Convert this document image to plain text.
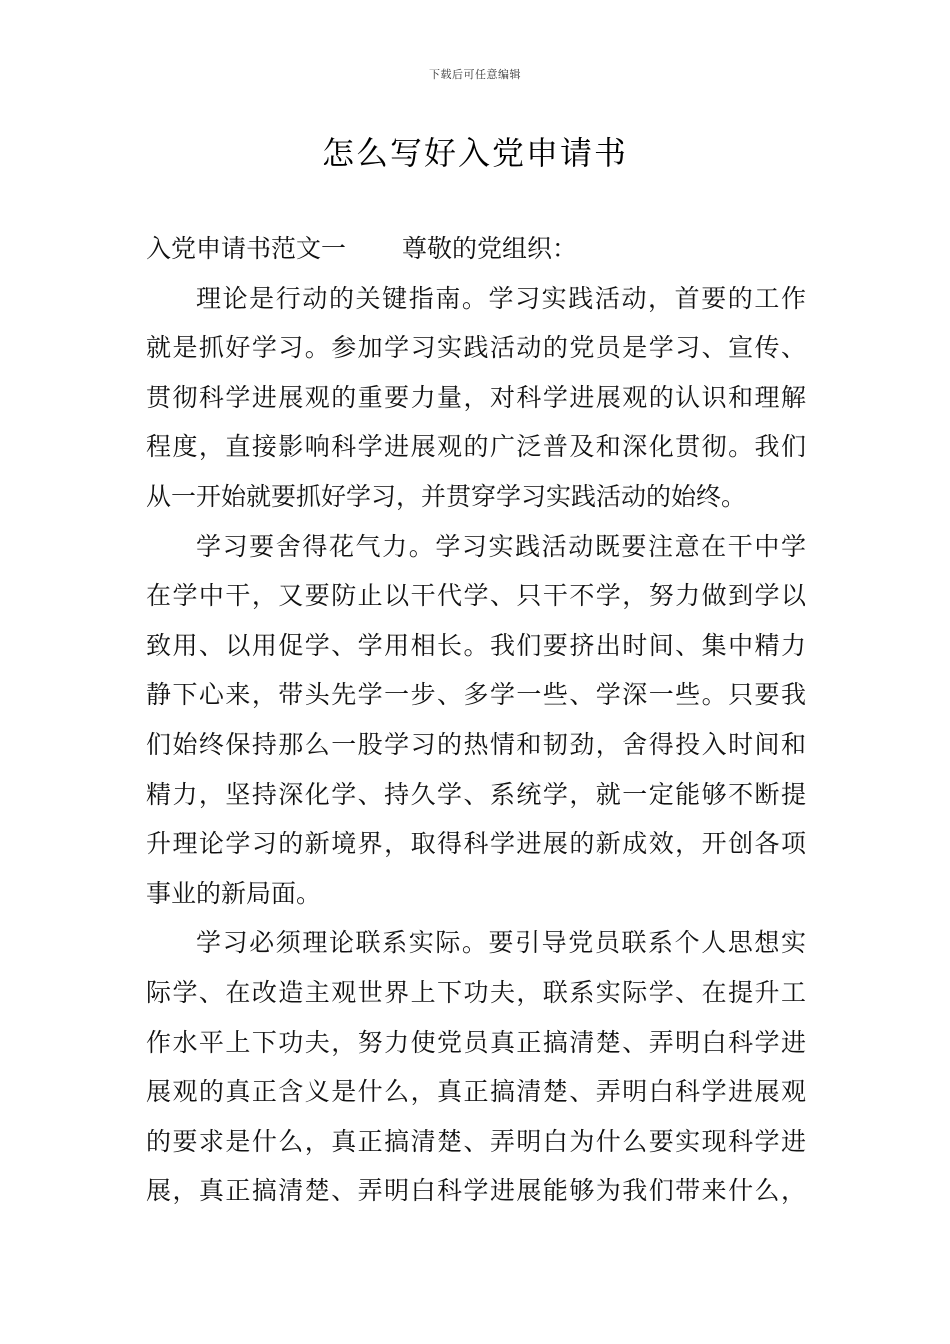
下载后可任意编辑
怎么写好入党申请书
入党申请书范文一 尊敬的党组织：
理论是行动的关键指南。学习实践活动，首要的工作
就是抓好学习。参加学习实践活动的党员是学习、宣传、
贯彻科学进展观的重要力量，对科学进展观的认识和理解
程度，直接影响科学进展观的广泛普及和深化贯彻。我们
从一开始就要抓好学习，并贯穿学习实践活动的始终。
学习要舍得花气力。学习实践活动既要注意在干中学
在学中干，又要防止以干代学、只干不学，努力做到学以
致用、以用促学、学用相长。我们要挤出时间、集中精力
静下心来，带头先学一步、多学一些、学深一些。只要我
们始终保持那么一股学习的热情和韧劲，舍得投入时间和
精力，坚持深化学、持久学、系统学，就一定能够不断提
升理论学习的新境界，取得科学进展的新成效，开创各项
事业的新局面。
学习必须理论联系实际。要引导党员联系个人思想实
际学、在改造主观世界上下功夫，联系实际学、在提升工
作水平上下功夫，努力使党员真正搞清楚、弄明白科学进
展观的真正含义是什么，真正搞清楚、弄明白科学进展观
的要求是什么，真正搞清楚、弄明白为什么要实现科学进
展，真正搞清楚、弄明白科学进展能够为我们带来什么，
